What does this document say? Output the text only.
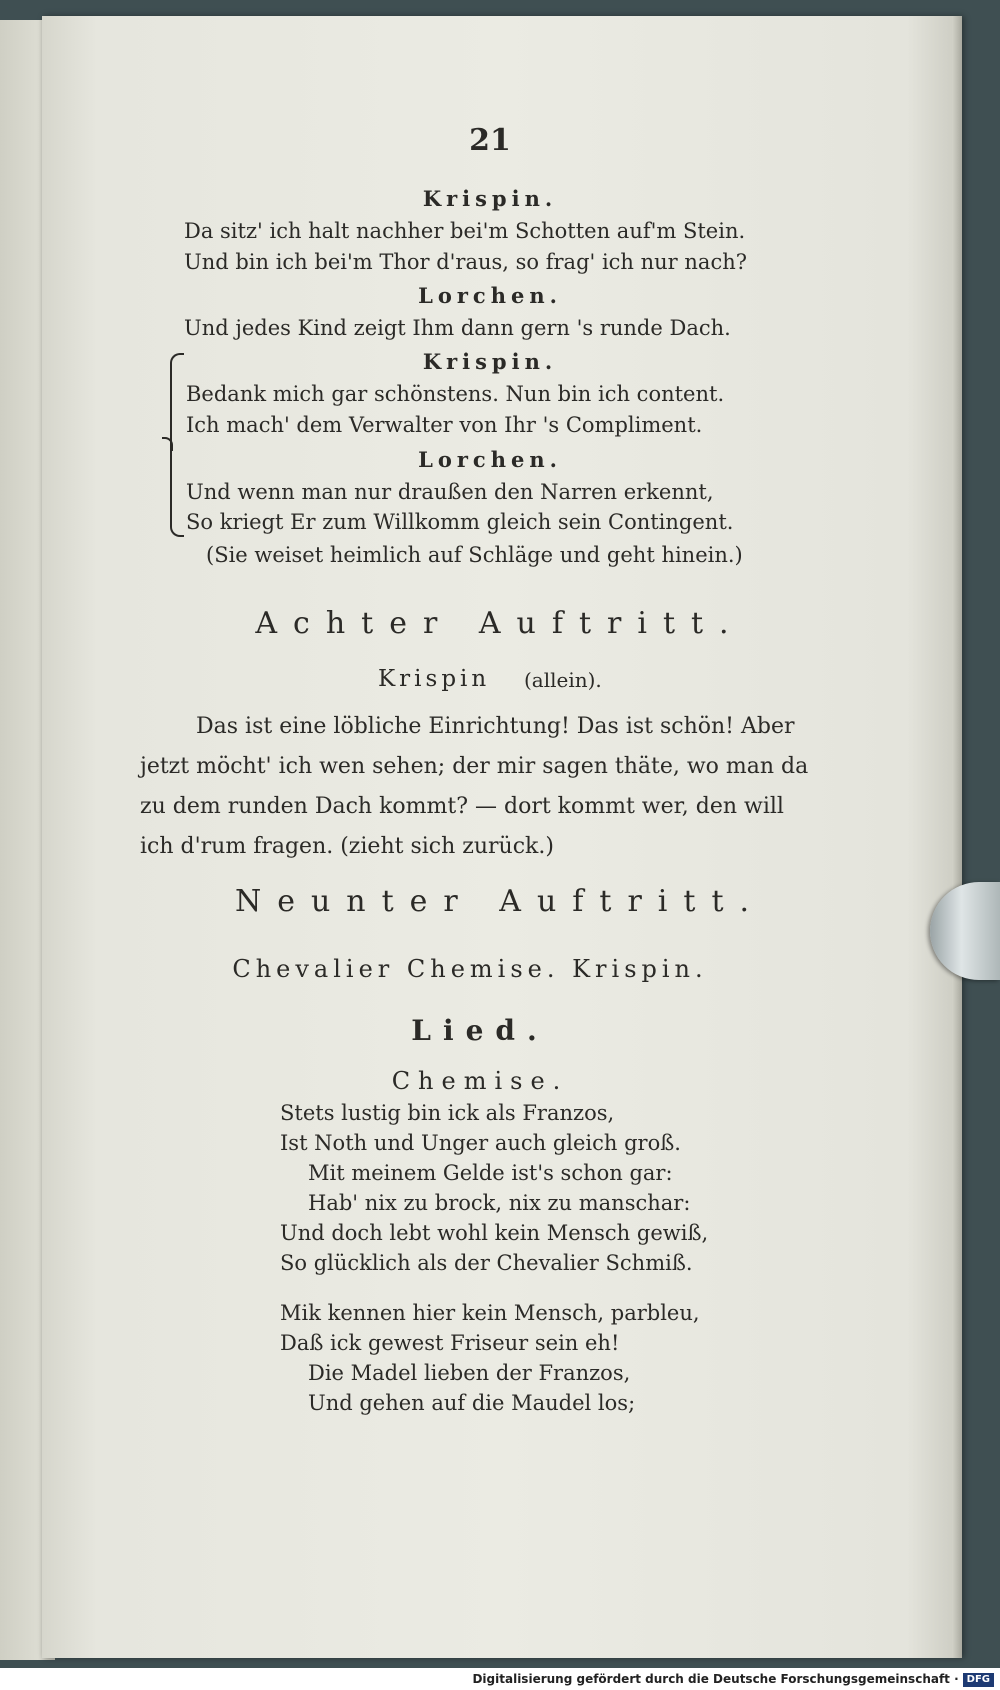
21
Krispin.
Da sitz' ich halt nachher bei'm Schotten auf'm Stein.
Und bin ich bei'm Thor d'raus, so frag' ich nur nach?
Lorchen.
Und jedes Kind zeigt Ihm dann gern 's runde Dach.
Krispin.
Bedank mich gar schönstens. Nun bin ich content.
Ich mach' dem Verwalter von Ihr 's Compliment.
Lorchen.
Und wenn man nur draußen den Narren erkennt,
So kriegt Er zum Willkomm gleich sein Contingent.
(Sie weiset heimlich auf Schläge und geht hinein.)
Achter Auftritt.
Krispin (allein).
Das ist eine löbliche Einrichtung! Das ist schön! Aber
jetzt möcht' ich wen sehen; der mir sagen thäte, wo man da
zu dem runden Dach kommt? — dort kommt wer, den will
ich d'rum fragen. (zieht sich zurück.)
Neunter Auftritt.
Chevalier Chemise. Krispin.
Lied.
Chemise.
Stets lustig bin ick als Franzos,
Ist Noth und Unger auch gleich groß.
Mit meinem Gelde ist's schon gar:
Hab' nix zu brock, nix zu manschar:
Und doch lebt wohl kein Mensch gewiß,
So glücklich als der Chevalier Schmiß.
Mik kennen hier kein Mensch, parbleu,
Daß ick gewest Friseur sein eh!
Die Madel lieben der Franzos,
Und gehen auf die Maudel los;
Digitalisierung gefördert durch die Deutsche Forschungsgemeinschaft · DFG
